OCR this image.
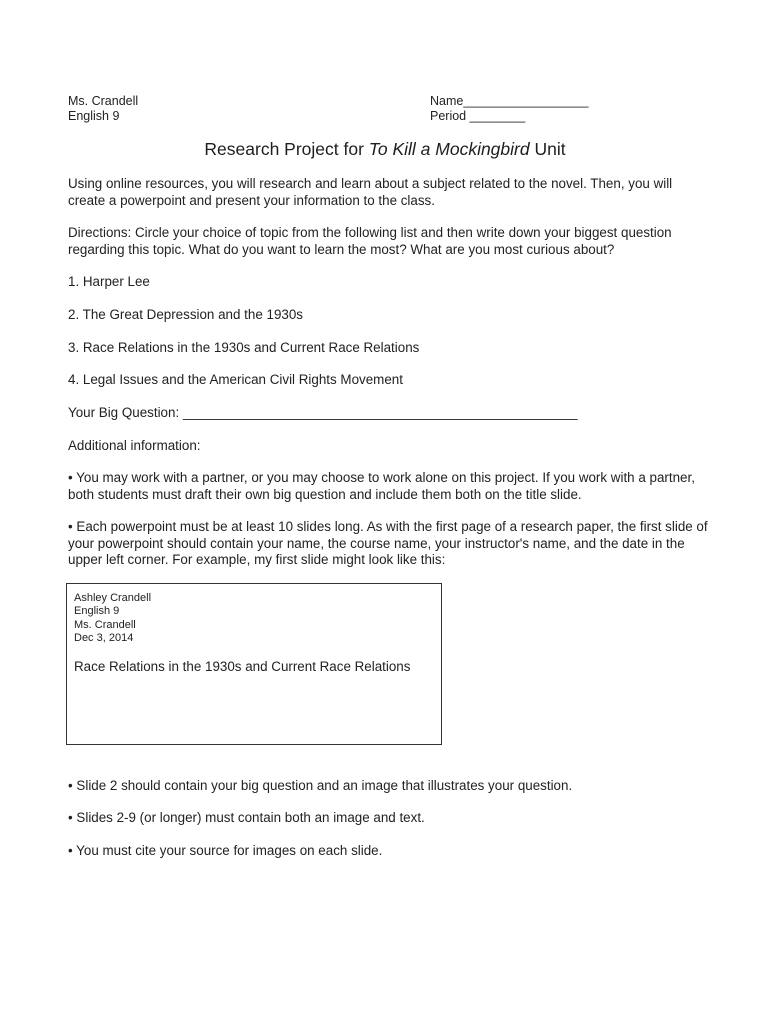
Ms. Crandell
English 9
Name__________________
Period ________
Research Project for To Kill a Mockingbird Unit

Using online resources, you will research and learn about a subject related to the novel. Then, you will create a powerpoint and present your information to the class.

Directions: Circle your choice of topic from the following list and then write down your biggest question regarding this topic. What do you want to learn the most? What are you most curious about?

1. Harper Lee

2. The Great Depression and the 1930s

3. Race Relations in the 1930s and Current Race Relations

4. Legal Issues and the American Civil Rights Movement

Your Big Question: _____________________________________________________

Additional information:

• You may work with a partner, or you may choose to work alone on this project. If you work with a partner, both students must draft their own big question and include them both on the title slide.

• Each powerpoint must be at least 10 slides long. As with the first page of a research paper, the first slide of your powerpoint should contain your name, the course name, your instructor's name, and the date in the upper left corner. For example, my first slide might look like this:

Ashley Crandell
English 9
Ms. Crandell
Dec 3, 2014
Race Relations in the 1930s and Current Race Relations

• Slide 2 should contain your big question and an image that illustrates your question.

• Slides 2-9 (or longer) must contain both an image and text.

• You must cite your source for images on each slide.
